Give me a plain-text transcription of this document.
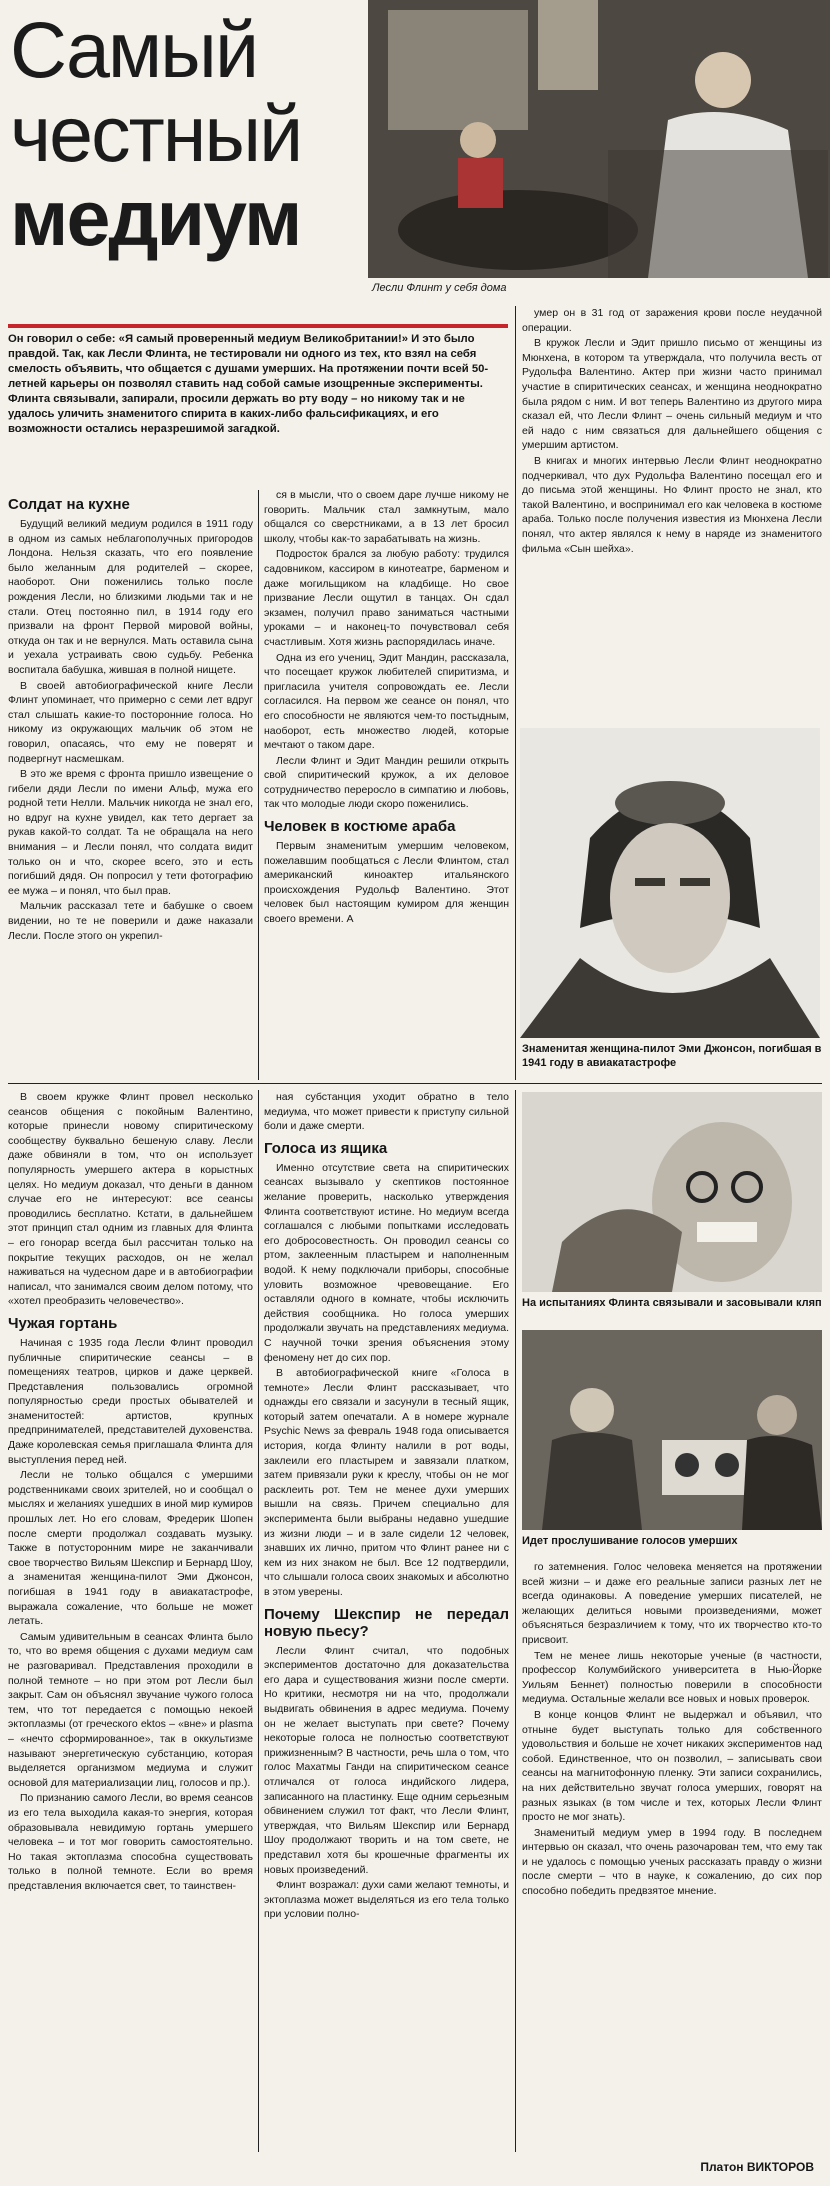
Самый
честный
медиум
Лесли Флинт у себя дома
Он говорил о себе: «Я самый проверенный медиум Великобритании!» И это было правдой. Так, как Лесли Флинта, не тестировали ни одного из тех, кто взял на себя смелость объявить, что общается с душами умерших. На протяжении почти всей 50-летней карьеры он позволял ставить над собой самые изощренные эксперименты. Флинта связывали, запирали, просили держать во рту воду – но никому так и не удалось уличить знаменитого спирита в каких-либо фальсификациях, и его возможности остались неразрешимой загадкой.
Солдат на кухне

Будущий великий медиум родился в 1911 году в одном из самых неблагополучных пригородов Лондона. Нельзя сказать, что его появление было желанным для родителей – скорее, наоборот. Они поженились только после рождения Лесли, но близкими людьми так и не стали. Отец постоянно пил, в 1914 году его призвали на фронт Первой мировой войны, откуда он так и не вернулся. Мать оставила сына и уехала устраивать свою судьбу. Ребенка воспитала бабушка, жившая в полной нищете.

В своей автобиографической книге Лесли Флинт упоминает, что примерно с семи лет вдруг стал слышать какие-то посторонние голоса. Но никому из окружающих мальчик об этом не говорил, опасаясь, что ему не поверят и подвергнут насмешкам.

В это же время с фронта пришло извещение о гибели дяди Лесли по имени Альф, мужа его родной тети Нелли. Мальчик никогда не знал его, но вдруг на кухне увидел, как тето дергает за рукав какой-то солдат. Та не обращала на него внимания – и Лесли понял, что солдата видит только он и что, скорее всего, это и есть погибший дядя. Он попросил у тети фотографию ее мужа – и понял, что был прав.

Мальчик рассказал тете и бабушке о своем видении, но те не поверили и даже наказали Лесли. После этого он укрепил-

ся в мысли, что о своем даре лучше никому не говорить. Мальчик стал замкнутым, мало общался со сверстниками, а в 13 лет бросил школу, чтобы как-то зарабатывать на жизнь.

Подросток брался за любую работу: трудился садовником, кассиром в кинотеатре, барменом и даже могильщиком на кладбище. Но свое призвание Лесли ощутил в танцах. Он сдал экзамен, получил право заниматься частными уроками – и наконец-то почувствовал себя счастливым. Хотя жизнь распорядилась иначе.

Одна из его учениц, Эдит Мандин, рассказала, что посещает кружок любителей спиритизма, и пригласила учителя сопровождать ее. Лесли согласился. На первом же сеансе он понял, что его способности не являются чем-то постыдным, наоборот, есть множество людей, которые мечтают о таком даре.

Лесли Флинт и Эдит Мандин решили открыть свой спиритический кружок, а их деловое сотрудничество переросло в симпатию и любовь, так что молодые люди скоро поженились.

Человек в костюме араба

Первым знаменитым умершим человеком, пожелавшим пообщаться с Лесли Флинтом, стал американский киноактер итальянского происхождения Рудольф Валентино. Этот человек был настоящим кумиром для женщин своего времени. А

умер он в 31 год от заражения крови после неудачной операции.

В кружок Лесли и Эдит пришло письмо от женщины из Мюнхена, в котором та утверждала, что получила весть от Рудольфа Валентино. Актер при жизни часто принимал участие в спиритических сеансах, и женщина неоднократно была рядом с ним. И вот теперь Валентино из другого мира сказал ей, что Лесли Флинт – очень сильный медиум и что ей надо с ним связаться для дальнейшего общения с умершим артистом.

В книгах и многих интервью Лесли Флинт неоднократно подчеркивал, что дух Рудольфа Валентино посещал его и до письма этой женщины. Но Флинт просто не знал, кто такой Валентино, и воспринимал его как человека в костюме араба. Только после получения известия из Мюнхена Лесли понял, что актер являлся к нему в наряде из знаменитого фильма «Сын шейха».

Знаменитая женщина-пилот Эми Джонсон, погибшая в 1941 году в авиакатастрофе

В своем кружке Флинт провел несколько сеансов общения с покойным Валентино, которые принесли новому спиритическому сообществу буквально бешеную славу. Лесли даже обвиняли в том, что он использует популярность умершего актера в корыстных целях. Но медиум доказал, что деньги в данном случае его не интересуют: все сеансы проводились бесплатно. Кстати, в дальнейшем этот принцип стал одним из главных для Флинта – его гонорар всегда был рассчитан только на покрытие текущих расходов, он не желал наживаться на чудесном даре и в автобиографии написал, что занимался своим делом потому, что «хотел преобразить человечество».

Чужая гортань

Начиная с 1935 года Лесли Флинт проводил публичные спиритические сеансы – в помещениях театров, цирков и даже церквей. Представления пользовались огромной популярностью среди простых обывателей и знаменитостей: артистов, крупных предпринимателей, представителей духовенства. Даже королевская семья приглашала Флинта для выступления перед ней.

Лесли не только общался с умершими родственниками своих зрителей, но и сообщал о мыслях и желаниях ушедших в иной мир кумиров прошлых лет. Но его словам, Фредерик Шопен после смерти продолжал создавать музыку. Также в потусторонним мире не заканчивали свое творчество Вильям Шекспир и Бернард Шоу, а знаменитая женщина-пилот Эми Джонсон, погибшая в 1941 году в авиакатастрофе, выражала сожаление, что больше не может летать.

Самым удивительным в сеансах Флинта было то, что во время общения с духами медиум сам не разговаривал. Представления проходили в полной темноте – но при этом рот Лесли был закрыт. Сам он объяснял звучание чужого голоса тем, что тот передается с помощью некоей эктоплазмы (от греческого ektos – «вне» и plasma – «нечто сформированное», так в оккультизме называют энергетическую субстанцию, которая выделяется организмом медиума и служит основой для материализации лиц, голосов и пр.).

По признанию самого Лесли, во время сеансов из его тела выходила какая-то энергия, которая образовывала невидимую гортань умершего человека – и тот мог говорить самостоятельно. Но такая эктоплазма способна существовать только в полной темноте. Если во время представления включается свет, то таинствен-

ная субстанция уходит обратно в тело медиума, что может привести к приступу сильной боли и даже смерти.

Голоса из ящика

Именно отсутствие света на спиритических сеансах вызывало у скептиков постоянное желание проверить, насколько утверждения Флинта соответствуют истине. Но медиум всегда соглашался с любыми попытками исследовать его добросовестность. Он проводил сеансы со ртом, заклеенным пластырем и наполненным водой. К нему подключали приборы, способные уловить возможное чревовещание. Его оставляли одного в комнате, чтобы исключить действия сообщника. Но голоса умерших продолжали звучать на представлениях медиума. С научной точки зрения объяснения этому феномену нет до сих пор.

В автобиографической книге «Голоса в темноте» Лесли Флинт рассказывает, что однажды его связали и засунули в тесный ящик, который затем опечатали. А в номере журнале Psychic News за февраль 1948 года описывается история, когда Флинту налили в рот воды, заклеили его пластырем и завязали платком, затем привязали руки к креслу, чтобы он не мог расклеить рот. Тем не менее духи умерших вышли на связь. Причем специально для эксперимента были выбраны недавно ушедшие из жизни люди – и в зале сидели 12 человек, знавших их лично, притом что Флинт ранее ни с кем из них знаком не был. Все 12 подтвердили, что слышали голоса своих знакомых и абсолютно в этом уверены.

Почему Шекспир не передал новую пьесу?

Лесли Флинт считал, что подобных экспериментов достаточно для доказательства его дара и существования жизни после смерти. Но критики, несмотря ни на что, продолжали выдвигать обвинения в адрес медиума. Почему он не желает выступать при свете? Почему некоторые голоса не полностью соответствуют прижизненным? В частности, речь шла о том, что голос Махатмы Ганди на спиритическом сеансе отличался от голоса индийского лидера, записанного на пластинку. Еще одним серьезным обвинением служил тот факт, что Лесли Флинт, утверждая, что Вильям Шекспир или Бернард Шоу продолжают творить и на том свете, не представил хотя бы крошечные фрагменты их новых произведений.

Флинт возражал: духи сами желают темноты, и эктоплазма может выделяться из его тела только при условии полно-

На испытаниях Флинта связывали и засовывали кляп
Идет прослушивание голосов умерших

го затемнения. Голос человека меняется на протяжении всей жизни – и даже его реальные записи разных лет не всегда одинаковы. А поведение умерших писателей, не желающих делиться новыми произведениями, может объясняться безразличием к тому, что их творчество кто-то присвоит.

Тем не менее лишь некоторые ученые (в частности, профессор Колумбийского университета в Нью-Йорке Уильям Беннет) полностью поверили в способности медиума. Остальные желали все новых и новых проверок.

В конце концов Флинт не выдержал и объявил, что отныне будет выступать только для собственного удовольствия и больше не хочет никаких экспериментов над собой. Единственное, что он позволил, – записывать свои сеансы на магнитофонную пленку. Эти записи сохранились, на них действительно звучат голоса умерших, говорят на разных языках (в том числе и тех, которых Лесли Флинт просто не мог знать).

Знаменитый медиум умер в 1994 году. В последнем интервью он сказал, что очень разочарован тем, что ему так и не удалось с помощью ученых рассказать правду о жизни после смерти – что в науке, к сожалению, до сих пор способно победить предвзятое мнение.

Платон ВИКТОРОВ
